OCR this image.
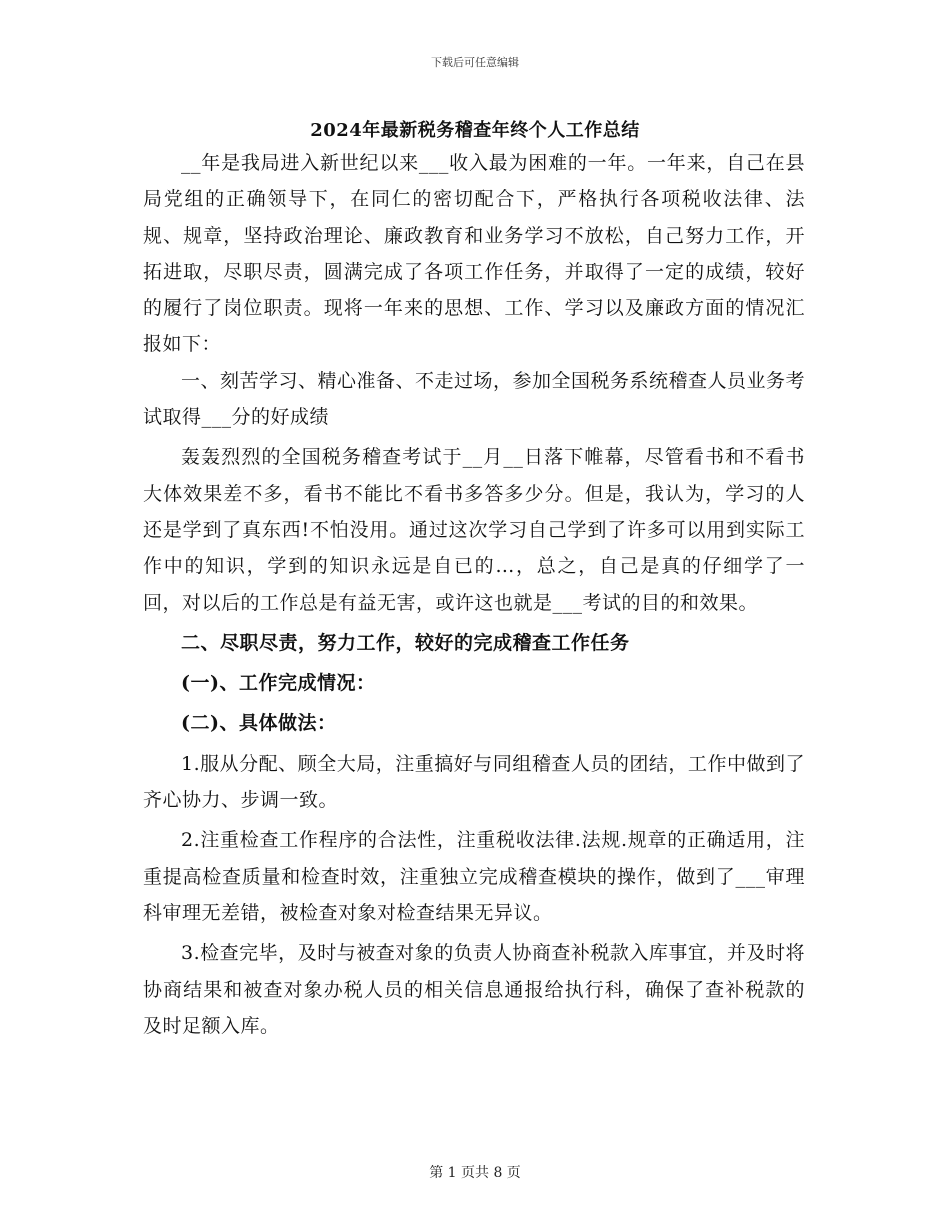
下载后可任意编辑
2024年最新税务稽查年终个人工作总结

__年是我局进入新世纪以来___收入最为困难的一年。一年来，自己在县局党组的正确领导下，在同仁的密切配合下，严格执行各项税收法律、法规、规章，坚持政治理论、廉政教育和业务学习不放松，自己努力工作，开拓进取，尽职尽责，圆满完成了各项工作任务，并取得了一定的成绩，较好的履行了岗位职责。现将一年来的思想、工作、学习以及廉政方面的情况汇报如下：

一、刻苦学习、精心准备、不走过场，参加全国税务系统稽查人员业务考试取得___分的好成绩

轰轰烈烈的全国税务稽查考试于__月__日落下帷幕，尽管看书和不看书大体效果差不多，看书不能比不看书多答多少分。但是，我认为，学习的人还是学到了真东西!不怕没用。通过这次学习自己学到了许多可以用到实际工作中的知识，学到的知识永远是自已的…，总之，自己是真的仔细学了一回，对以后的工作总是有益无害，或许这也就是___考试的目的和效果。

二、尽职尽责，努力工作，较好的完成稽查工作任务

(一)、工作完成情况：

(二)、具体做法：

1.服从分配、顾全大局，注重搞好与同组稽查人员的团结，工作中做到了齐心协力、步调一致。

2.注重检查工作程序的合法性，注重税收法律.法规.规章的正确适用，注重提高检查质量和检查时效，注重独立完成稽查模块的操作，做到了___审理科审理无差错，被检查对象对检查结果无异议。

3.检查完毕，及时与被查对象的负责人协商查补税款入库事宜，并及时将协商结果和被查对象办税人员的相关信息通报给执行科，确保了查补税款的及时足额入库。

第 1 页共 8 页
